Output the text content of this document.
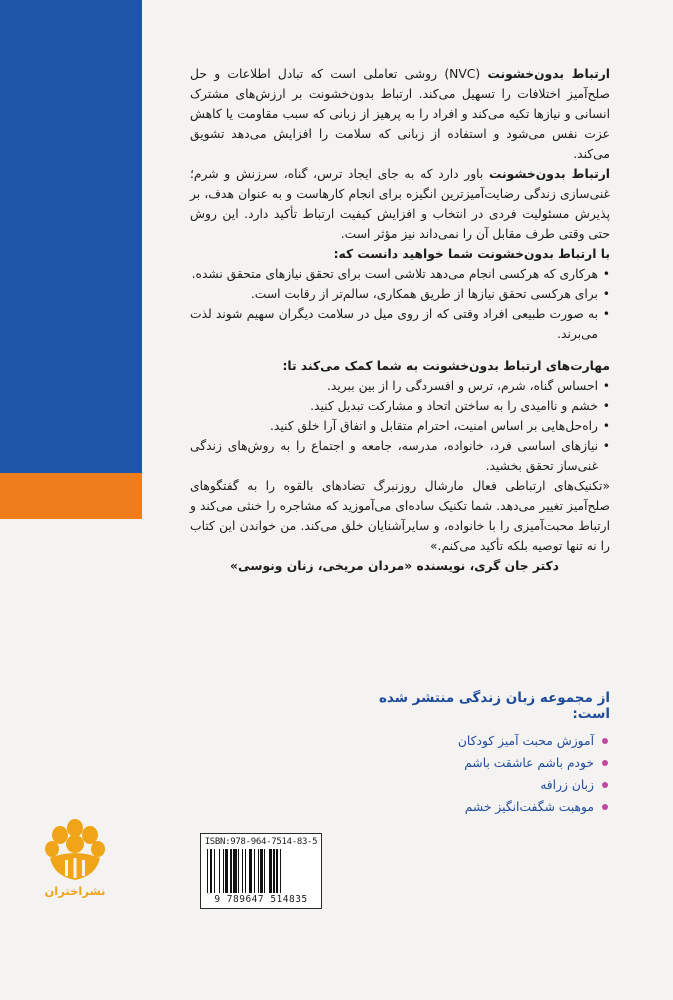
ارتباط بدون‌خشونت (NVC) روشی تعاملی است که تبادل اطلاعات و حل صلح‌آمیز اختلافات را تسهیل می‌کند. ارتباط بدون‌خشونت بر ارزش‌های مشترک انسانی و نیازها تکیه می‌کند و افراد را به پرهیز از زبانی که سبب مقاومت یا کاهش عزت نفس می‌شود و استفاده از زبانی که سلامت را افزایش می‌دهد تشویق می‌کند.

ارتباط بدون‌خشونت باور دارد که به جای ایجاد ترس، گناه، سرزنش و شرم؛ غنی‌سازی زندگی رضایت‌آمیزترین انگیزه برای انجام کارهاست و به عنوان هدف، بر پذیرش مسئولیت فردی در انتخاب و افزایش کیفیت ارتباط تأکید دارد. این روش حتی وقتی طرف مقابل آن را نمی‌داند نیز مؤثر است.

با ارتباط بدون‌خشونت شما خواهید دانست که:

• هرکاری که هرکسی انجام می‌دهد تلاشی است برای تحقق نیازهای متحقق نشده.
• برای هرکسی تحقق نیازها از طریق همکاری، سالم‌تر از رقابت است.
• به صورت طبیعی افراد وقتی که از روی میل در سلامت دیگران سهیم شوند لذت می‌برند.

مهارت‌های ارتباط بدون‌خشونت به شما کمک می‌کند تا:

• احساس گناه، شرم، ترس و افسردگی را از بین ببرید.
• خشم و ناامیدی را به ساختن اتحاد و مشارکت تبدیل کنید.
• راه‌حل‌هایی بر اساس امنیت، احترام متقابل و اتفاق آرا خلق کنید.
• نیازهای اساسی فرد، خانواده، مدرسه، جامعه و اجتماع را به روش‌های زندگی غنی‌ساز تحقق بخشید.

«تکنیک‌های ارتباطی فعال مارشال روزنبرگ تضادهای بالقوه را به گفتگوهای صلح‌آمیز تغییر می‌دهد. شما تکنیک ساده‌ای می‌آموزید که مشاجره را خنثی می‌کند و ارتباط محبت‌آمیزی را با خانواده، و سایرآشنایان خلق می‌کند. من خواندن این کتاب را نه تنها توصیه بلکه تأکید می‌کنم.»

دکتر جان گری، نویسنده «مردان مریخی، زنان ونوسی»

از مجموعه زبان زندگی منتشر شده است:
آموزش محبت آمیز کودکان
خودم باشم عاشقت باشم
زبان زرافه
موهبت شگفت‌انگیز خشم
نشراختران
ISBN:978-964-7514-83-5
9 789647 514835
